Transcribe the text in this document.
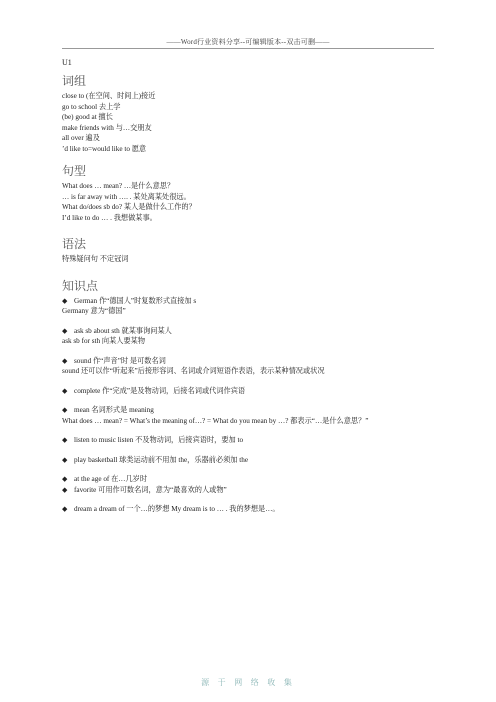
——Word行业资料分享--可编辑版本--双击可删——
U1
词组
close to (在空间、时间上)接近
go to school 去上学
(be) good at 擅长
make friends with 与…交朋友
all over 遍及
’d like to=would like to 愿意
句型
What does … mean? …是什么意思？
… is far away with …. . 某处离某处很远。
What do/does sb do? 某人是做什么工作的？
I’d like to do … . 我想做某事。
语法
特殊疑问句 不定冠词
知识点
◆ German 作“德国人”时复数形式直接加 s
Germany 意为“德国”
◆ ask sb about sth 就某事询问某人
ask sb for sth 向某人要某物
◆ sound 作“声音”时 是可数名词
sound 还可以作“听起来”后接形容词、名词或介词短语作表语，表示某种情况或状况
◆ complete 作“完成”是及物动词，后接名词或代词作宾语
◆ mean 名词形式是 meaning
What does … mean? = What’s the meaning of…? = What do you mean by …? 都表示“…是什么意思？”
◆ listen to music listen 不及物动词，后接宾语时，要加 to
◆ play basketball 球类运动前不用加 the，乐器前必须加 the
◆ at the age of 在…几岁时
◆ favorite 可用作可数名词，意为“最喜欢的人或物”
◆ dream a dream of 一个…的梦想 My dream is to … . 我的梦想是…。
源 于 网 络 收 集
